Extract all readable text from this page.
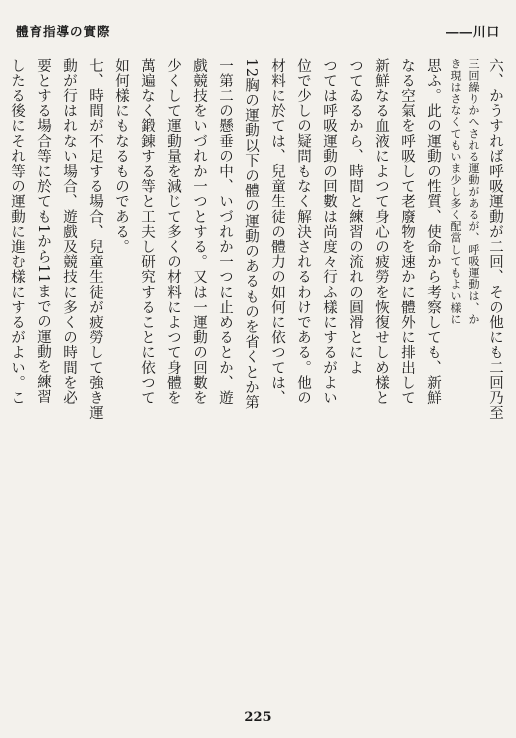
體育指導の實際	――川口
六、かうすれば呼吸運動が二回、その他にも二回乃至
三回繰りかへされる運動があるが、呼吸運動は、か
き現はさなくてもいま少し多く配當してもよい樣に
思ふ。此の運動の性質、使命から考察しても、新鮮
なる空氣を呼吸して老廢物を速かに體外に排出して
新鮮なる血液によつて身心の疲勞を恢復せしめ樣と
つてゐるから、時間と練習の流れの圓滑とによ
つては呼吸運動の回數は尚度々行ふ樣にするがよい
位で少しの疑問もなく解決されるわけである。他の
材料に於ては、兒童生徒の體力の如何に依つては、
12胸の運動以下の體の運動のあるものを省くとか第
一第二の懸垂の中、いづれか一つに止めるとか、遊
戲競技をいづれか一つとする。又は一運動の回數を
少くして運動量を減じて多くの材料によつて身體を
萬遍なく鍛錬する等と工夫し研究することに依つて
如何樣にもなるものである。
七、時間が不足する場合、兒童生徒が疲勞して強き運
動が行はれない場合、遊戲及競技に多くの時間を必
要とする場合等に於ても1から11までの運動を練習
したる後にそれ等の運動に進む樣にするがよい。こ
225
